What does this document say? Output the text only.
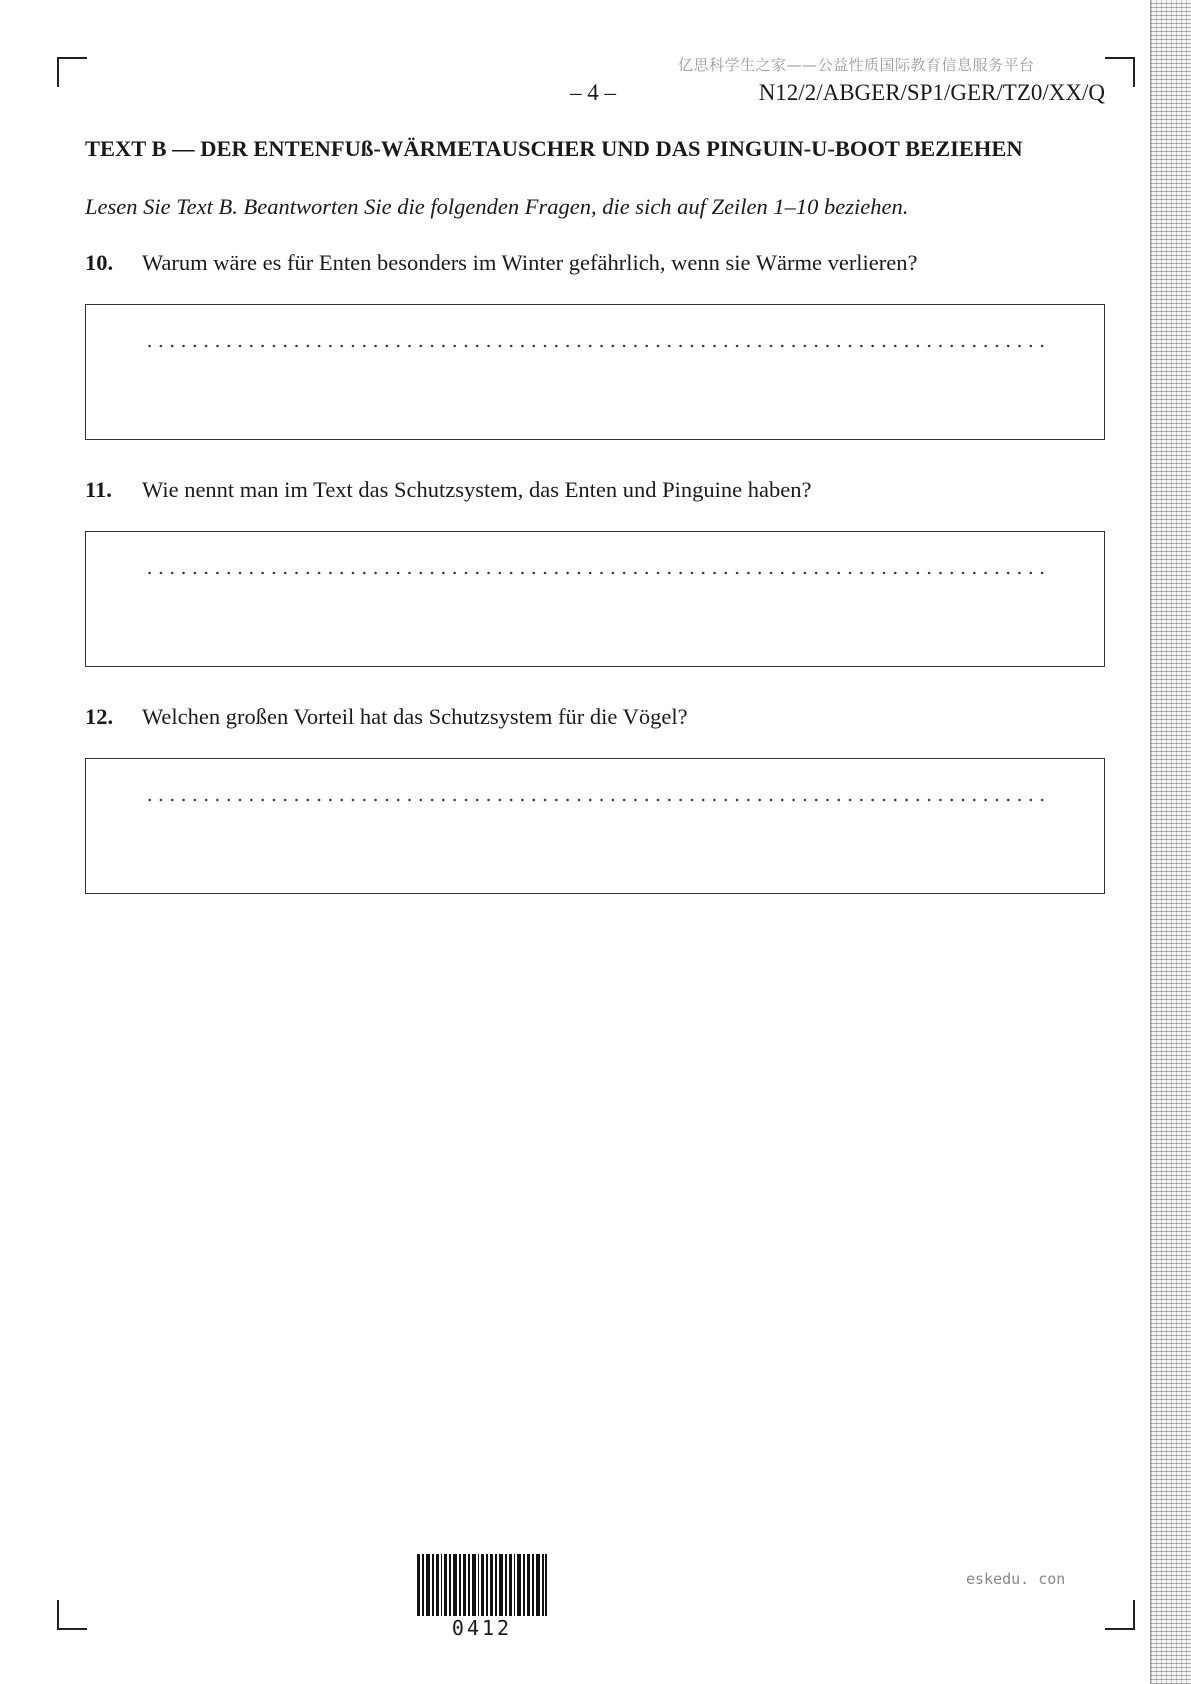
亿思科学生之家——公益性质国际教育信息服务平台
– 4 –	N12/2/ABGER/SP1/GER/TZ0/XX/Q
TEXT B — DER ENTENFUß-WÄRMETAUSCHER UND DAS PINGUIN-U-BOOT BEZIEHEN
Lesen Sie Text B. Beantworten Sie die folgenden Fragen, die sich auf Zeilen 1–10 beziehen.
10. Warum wäre es für Enten besonders im Winter gefährlich, wenn sie Wärme verlieren?
11. Wie nennt man im Text das Schutzsystem, das Enten und Pinguine haben?
12. Welchen großen Vorteil hat das Schutzsystem für die Vögel?
0412
eskedu. con
